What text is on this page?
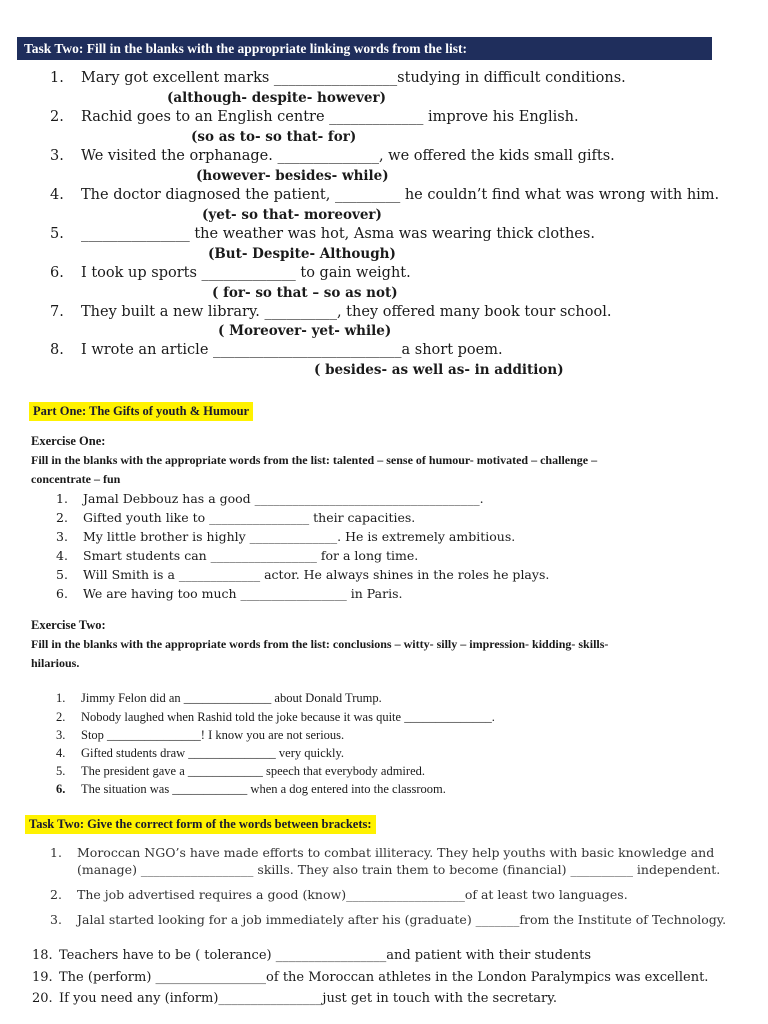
Task Two: Fill in the blanks with the appropriate linking words from the list:
1. Mary got excellent marks _________________studying in difficult conditions.
(although- despite- however)
2. Rachid goes to an English centre _____________ improve his English.
(so as to- so that- for)
3. We visited the orphanage. ______________, we offered the kids small gifts.
(however- besides- while)
4. The doctor diagnosed the patient, _________ he couldn’t find what was wrong with him.
(yet- so that- moreover)
5. _______________ the weather was hot, Asma was wearing thick clothes.
(But- Despite- Although)
6. I took up sports _____________ to gain weight.
( for- so that – so as not)
7. They built a new library. __________, they offered many book tour school.
( Moreover- yet- while)
8. I wrote an article __________________________a short poem.
( besides- as well as- in addition)
Part One: The Gifts of youth & Humour
Exercise One:
Fill in the blanks with the appropriate words from the list: talented – sense of humour- motivated – challenge –
concentrate – fun
1. Jamal Debbouz has a good ____________________________________.
2. Gifted youth like to ________________ their capacities.
3. My little brother is highly ______________. He is extremely ambitious.
4. Smart students can _________________ for a long time.
5. Will Smith is a _____________ actor. He always shines in the roles he plays.
6. We are having too much _________________ in Paris.
Exercise Two:
Fill in the blanks with the appropriate words from the list: conclusions – witty- silly – impression- kidding- skills-
hilarious.
1. Jimmy Felon did an ______________ about Donald Trump.
2. Nobody laughed when Rashid told the joke because it was quite ______________.
3. Stop _______________! I know you are not serious.
4. Gifted students draw ______________ very quickly.
5. The president gave a ____________ speech that everybody admired.
6. The situation was ____________ when a dog entered into the classroom.
Task Two: Give the correct form of the words between brackets:
1. Moroccan NGO’s have made efforts to combat illiteracy. They help youths with basic knowledge and
(manage) __________________ skills. They also train them to become (financial) __________ independent.
2. The job advertised requires a good (know)___________________of at least two languages.
3. Jalal started looking for a job immediately after his (graduate) _______from the Institute of Technology.
18. Teachers have to be ( tolerance) _________________and patient with their students
19. The (perform) _________________of the Moroccan athletes in the London Paralympics was excellent.
20. If you need any (inform)________________just get in touch with the secretary.
